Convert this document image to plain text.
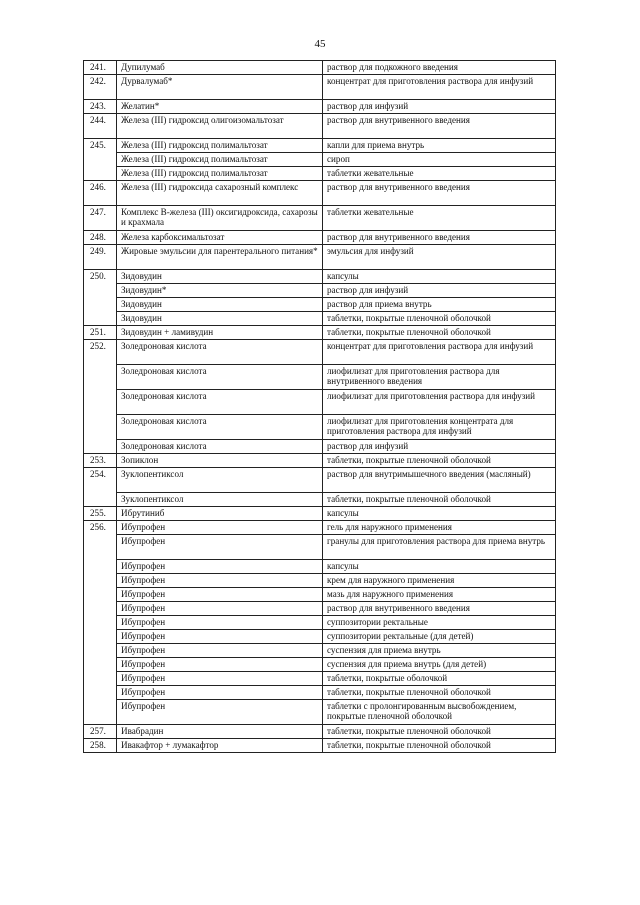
45
241.	Дупилумаб	раствор для подкожного введения
242.	Дурвалумаб*	концентрат для приготовления раствора для инфузий
243.	Желатин*	раствор для инфузий
244.	Железа (III) гидроксид олигоизомальтозат	раствор для внутривенного введения
245.	Железа (III) гидроксид полимальтозат	капли для приема внутрь
	Железа (III) гидроксид полимальтозат	сироп
	Железа (III) гидроксид полимальтозат	таблетки жевательные
246.	Железа (III) гидроксида сахарозный комплекс	раствор для внутривенного введения
247.	Комплекс В-железа (III) оксигидроксида, сахарозы и крахмала	таблетки жевательные
248.	Железа карбоксимальтозат	раствор для внутривенного введения
249.	Жировые эмульсии для парентерального питания*	эмульсия для инфузий
250.	Зидовудин	капсулы
	Зидовудин*	раствор для инфузий
	Зидовудин	раствор для приема внутрь
	Зидовудин	таблетки, покрытые пленочной оболочкой
251.	Зидовудин + ламивудин	таблетки, покрытые пленочной оболочкой
252.	Золедроновая кислота	концентрат для приготовления раствора для инфузий
	Золедроновая кислота	лиофилизат для приготовления раствора для внутривенного введения
	Золедроновая кислота	лиофилизат для приготовления раствора для инфузий
	Золедроновая кислота	лиофилизат для приготовления концентрата для приготовления раствора для инфузий
	Золедроновая кислота	раствор для инфузий
253.	Зопиклон	таблетки, покрытые пленочной оболочкой
254.	Зуклопентиксол	раствор для внутримышечного введения (масляный)
	Зуклопентиксол	таблетки, покрытые пленочной оболочкой
255.	Ибрутиниб	капсулы
256.	Ибупрофен	гель для наружного применения
	Ибупрофен	гранулы для приготовления раствора для приема внутрь
	Ибупрофен	капсулы
	Ибупрофен	крем для наружного применения
	Ибупрофен	мазь для наружного применения
	Ибупрофен	раствор для внутривенного введения
	Ибупрофен	суппозитории ректальные
	Ибупрофен	суппозитории ректальные (для детей)
	Ибупрофен	суспензия для приема внутрь
	Ибупрофен	суспензия для приема внутрь (для детей)
	Ибупрофен	таблетки, покрытые оболочкой
	Ибупрофен	таблетки, покрытые пленочной оболочкой
	Ибупрофен	таблетки с пролонгированным высвобождением, покрытые пленочной оболочкой
257.	Ивабрадин	таблетки, покрытые пленочной оболочкой
258.	Ивакафтор + лумакафтор	таблетки, покрытые пленочной оболочкой
